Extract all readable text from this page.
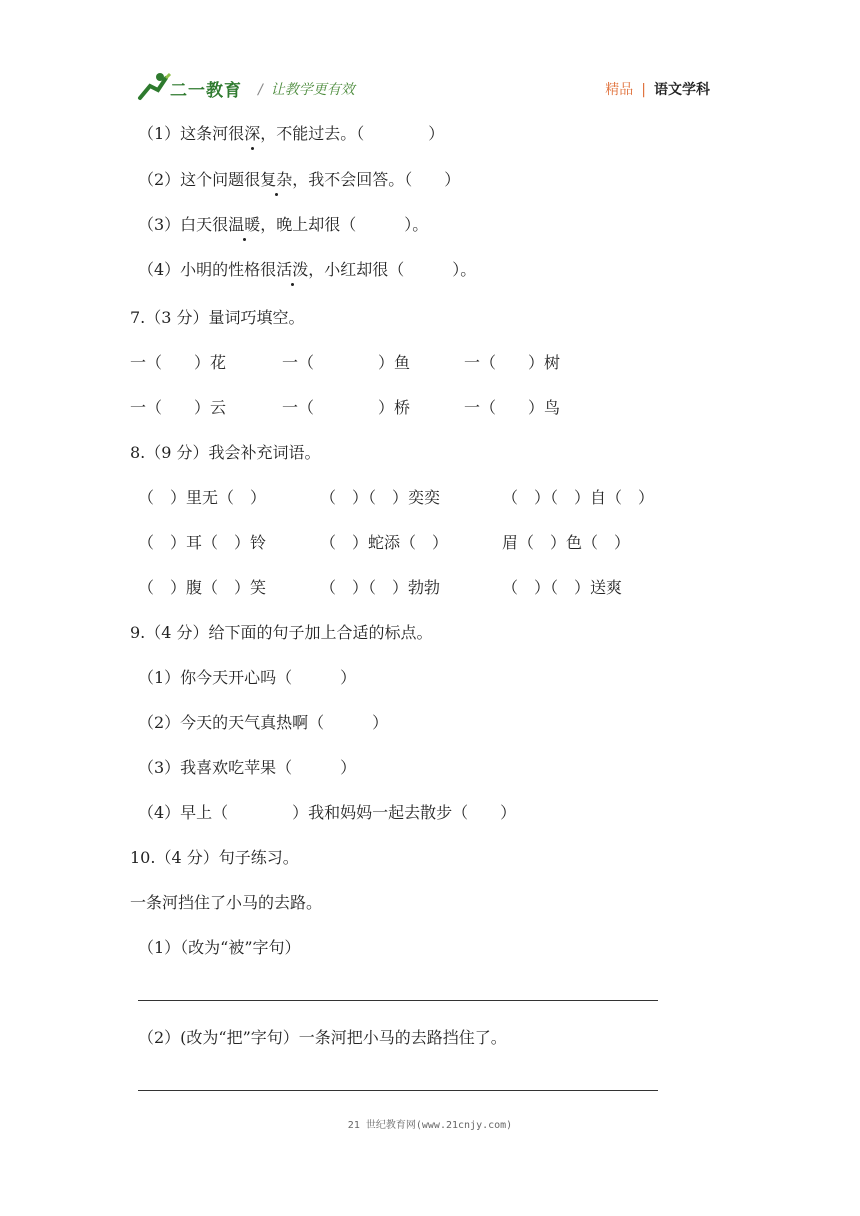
二一教育 / 让教学更有效	精品 | 语文学科
（1）这条河很深，不能过去。（　　　　）
（2）这个问题很复杂，我不会回答。（　　）
（3）白天很温暖，晚上却很（　　　）。
（4）小明的性格很活泼，小红却很（　　　）。
7.（3 分）量词巧填空。
一（　　）花	一（　　　　）鱼	一（　　）树
一（　　）云	一（　　　　）桥	一（　　）鸟
8.（9 分）我会补充词语。
（　）里无（　）	（　）（　）奕奕	（　）（　）自（　）
（　）耳（　）铃	（　）蛇添（　）	眉（　）色（　）
（　）腹（　）笑	（　）（　）勃勃	（　）（　）送爽
9.（4 分）给下面的句子加上合适的标点。
（1）你今天开心吗（　　　）
（2）今天的天气真热啊（　　　）
（3）我喜欢吃苹果（　　　）
（4）早上（　　　　）我和妈妈一起去散步（　　）
10.（4 分）句子练习。
一条河挡住了小马的去路。
（1）（改为“被”字句）
（2）(改为“把”字句）一条河把小马的去路挡住了。
21 世纪教育网(www.21cnjy.com)
